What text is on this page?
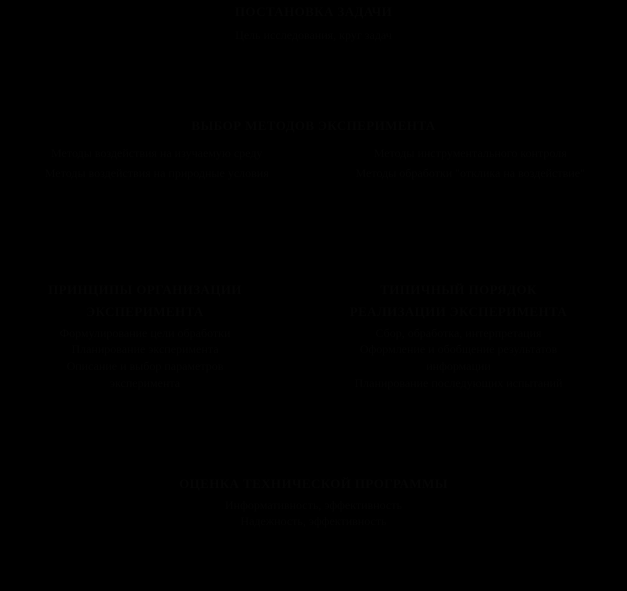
ПОСТАНОВКА ЗАДАЧИ
Цель исследования, круг задач
ВЫБОР МЕТОДОВ ЭКСПЕРИМЕНТА
Методы воздействия на изучаемую среду
Методы воздействия на природные условия
Методы инструментального контроля
Методы обработки "отклика на воздействие"
ПРИНЦИПЫ ОРГАНИЗАЦИИ
ЭКСПЕРИМЕНТА
Формулирование цели обработки
Планирование эксперимента
Описание и выбор параметров
эксперимента
ТИПИЧНЫЙ ПОРЯДОК
РЕАЛИЗАЦИИ ЭКСПЕРИМЕНТА
Сбор, обработка, интерпретация
Оформление и обобщение результатов
информации
Планирование последующих испытаний
ОЦЕНКА ТЕХНИЧЕСКОЙ ПРОГРАММЫ
Информативность, эффективность
Надежность, эффективность
